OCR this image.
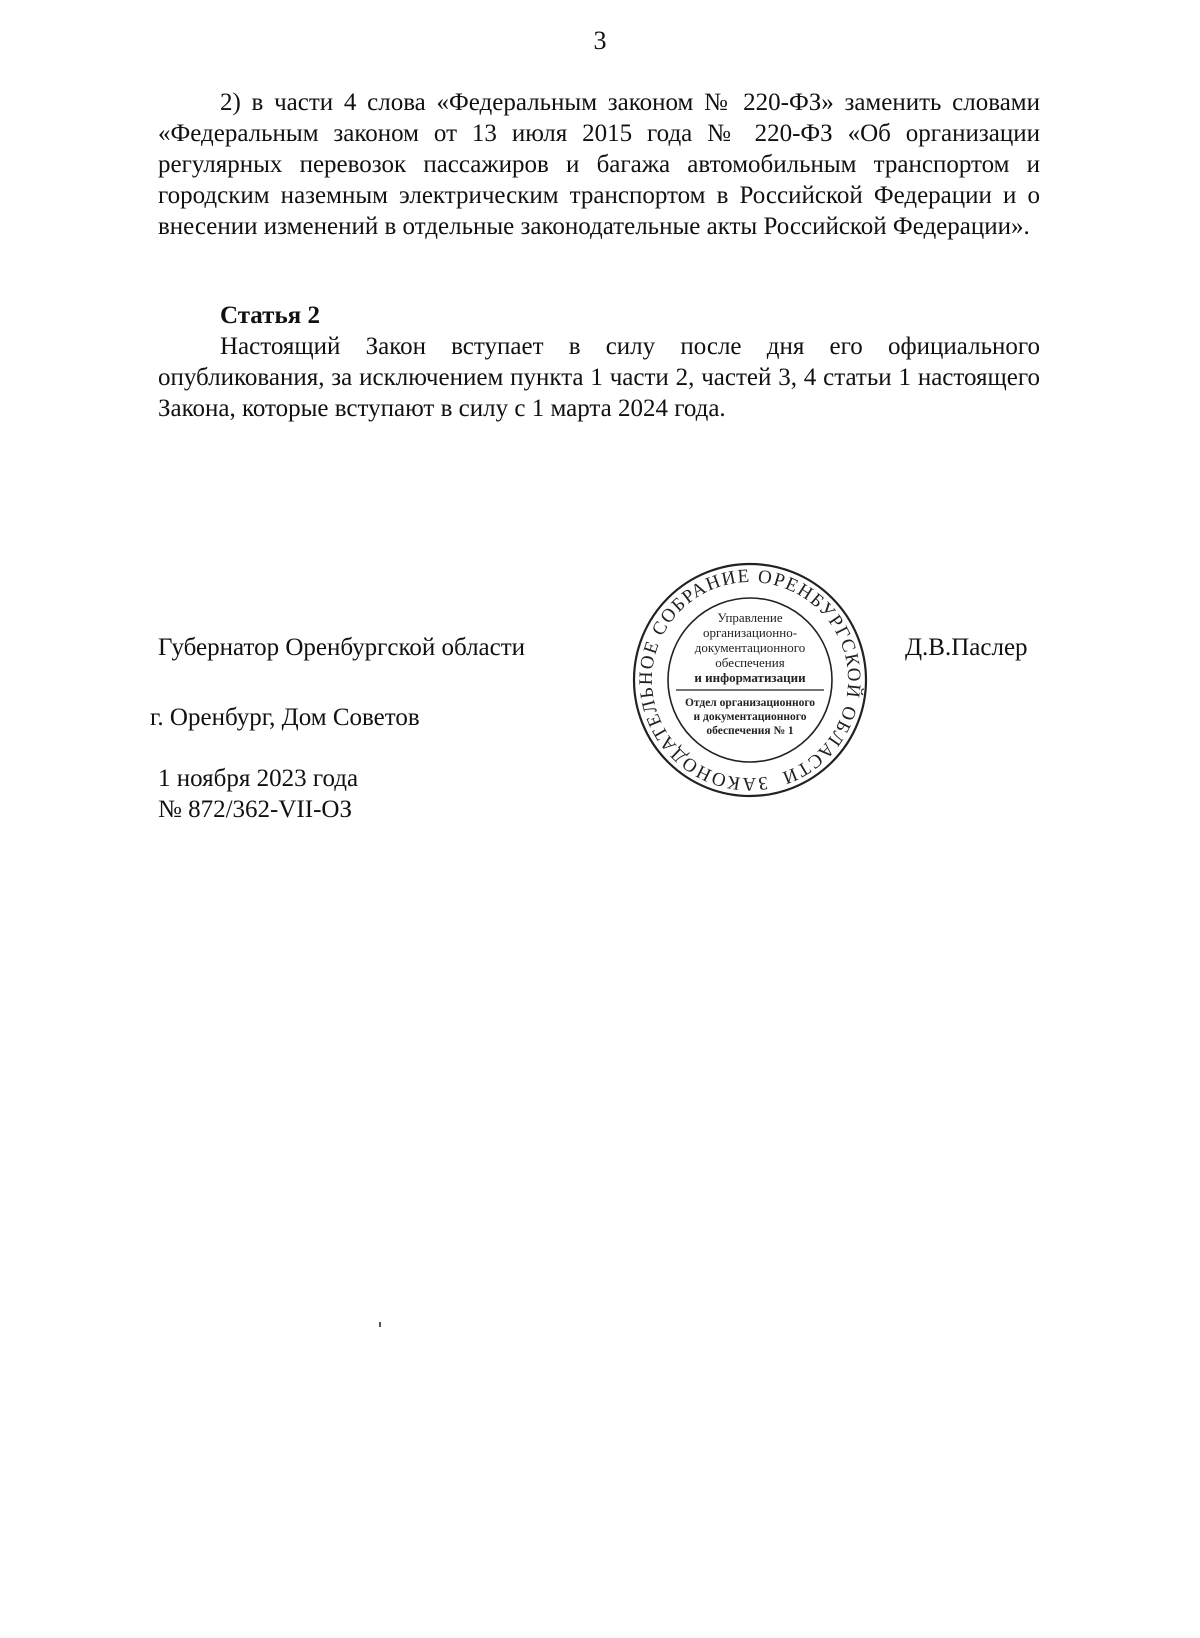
3

2) в части 4 слова «Федеральным законом № 220-ФЗ» заменить словами «Федеральным законом от 13 июля 2015 года № 220-ФЗ «Об организации регулярных перевозок пассажиров и багажа автомобильным транспортом и городским наземным электрическим транспортом в Российской Федерации и о внесении изменений в отдельные законодательные акты Российской Федерации».

Статья 2

Настоящий Закон вступает в силу после дня его официального опубликования, за исключением пункта 1 части 2, частей 3, 4 статьи 1 настоящего Закона, которые вступают в силу с 1 марта 2024 года.

Губернатор Оренбургской области	Д.В.Паслер
г. Оренбург, Дом Советов
1 ноября 2023 года
№ 872/362-VII-ОЗ
ЗАКОНОДАТЕЛЬНОЕ СОБРАНИЕ ОРЕНБУРГСКОЙ ОБЛАСТИ
Управление
организационно-
документационного
обеспечения
и информатизации
Отдел организационного
и документационного
обеспечения № 1
